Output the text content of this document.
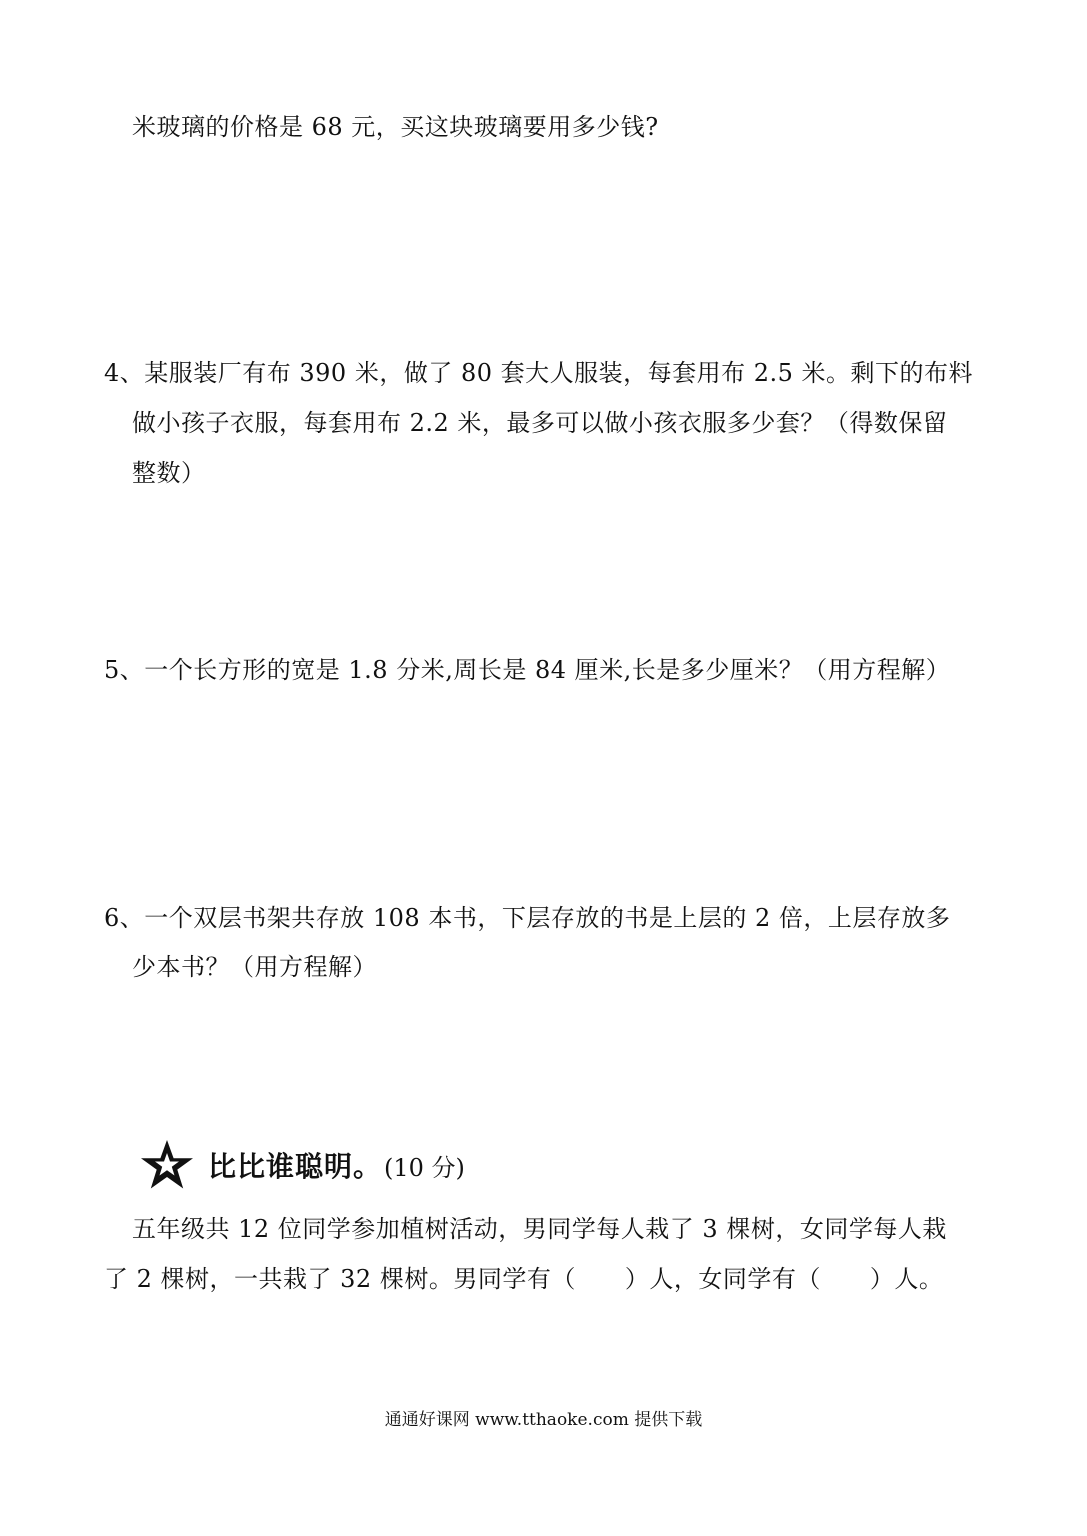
米玻璃的价格是 68 元，买这块玻璃要用多少钱?
4、某服装厂有布 390 米，做了 80 套大人服装，每套用布 2.5 米。剩下的布料
做小孩子衣服，每套用布 2.2 米，最多可以做小孩衣服多少套？（得数保留
整数）
5、一个长方形的宽是 1.8 分米,周长是 84 厘米,长是多少厘米？（用方程解）
6、一个双层书架共存放 108 本书，下层存放的书是上层的 2 倍，上层存放多
少本书？（用方程解）
比比谁聪明。 (10 分)
五年级共 12 位同学参加植树活动，男同学每人栽了 3 棵树，女同学每人栽
了 2 棵树，一共栽了 32 棵树。男同学有（　　）人，女同学有（　　）人。
通通好课网 www.tthaoke.com 提供下载
